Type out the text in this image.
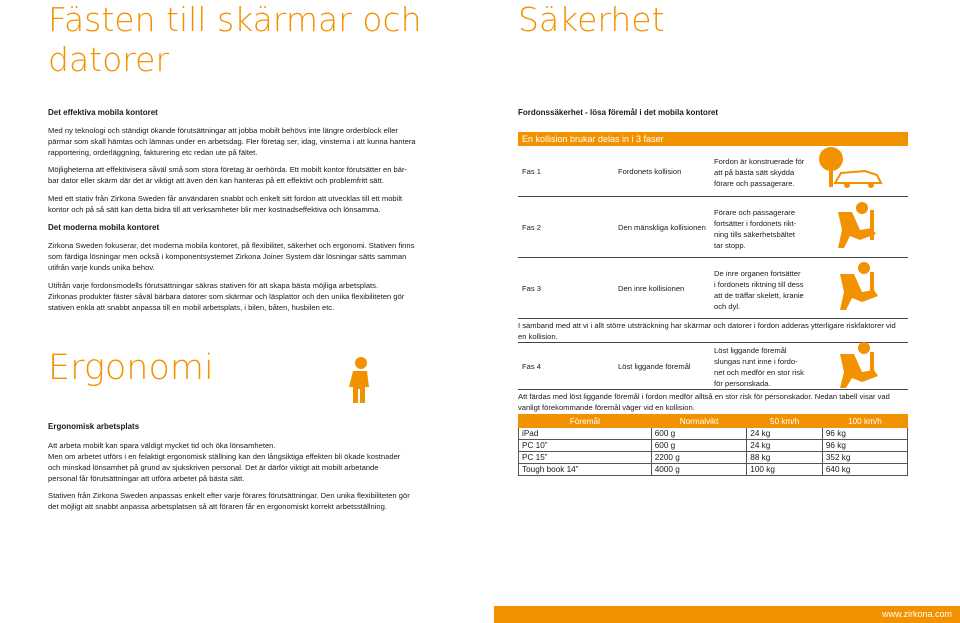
Fästen till skärmar och
datorer
Det effektiva mobila kontoret
Med ny teknologi och ständigt ökande förutsättningar att jobba mobilt behövs inte längre orderblock eller
pärmar som skall hämtas och lämnas under en arbetsdag. Fler företag ser, idag, vinsterna i att kunna hantera
rapportering, orderläggning, fakturering etc redan ute på fältet.
Möjligheterna att effektivisera såväl små som stora företag är oerhörda. Ett mobilt kontor förutsätter en bär-
bar dator eller skärm där det är viktigt att även den kan hanteras på ett effektivt och problemfritt sätt.
Med ett stativ från Zirkona Sweden får användaren snabbt och enkelt sitt fordon att utvecklas till ett mobilt
kontor och på så sätt kan detta bidra till att verksamheter blir mer kostnadseffektiva och lönsamma.
Det moderna mobila kontoret
Zirkona Sweden fokuserar, det moderna mobila kontoret, på flexibilitet, säkerhet och ergonomi. Stativen finns
som färdiga lösningar men också i komponentsystemet Zirkona Joiner System där lösningar sätts samman
utifrån varje kunds unika behov.
Utifrån varje fordonsmodells förutsättningar säkras stativen för att skapa bästa möjliga arbetsplats.
Zirkonas produkter fäster såväl bärbara datorer som skärmar och läsplattor och den unika flexibiliteten gör
stativen enkla att snabbt anpassa till en mobil arbetsplats, i bilen, båten, husbilen etc.
Ergonomi
Ergonomisk arbetsplats
Att arbeta mobilt kan spara väldigt mycket tid och öka lönsamheten.
Men om arbetet utförs i en felaktigt ergonomisk ställning kan den långsiktiga effekten bli ökade kostnader
och minskad lönsamhet på grund av sjukskriven personal. Det är därför viktigt att mobilt arbetande
personal får förutsättningar att utföra arbetet på bästa sätt.
Stativen från Zirkona Sweden anpassas enkelt efter varje förares förutsättningar. Den unika flexibiliteten gör
det möjligt att snabbt anpassa arbetsplatsen så att föraren får en ergonomiskt korrekt arbetsställning.
Säkerhet
Fordonssäkerhet - lösa föremål i det mobila kontoret
En kollision brukar delas in i 3 faser
Fas 1	Fordonets kollision
Fordon är konstruerade för
att på bästa sätt skydda
förare och passagerare.
Fas 2	Den mänskliga kollisionen
Förare och passagerare
fortsätter i fordonets rikt-
ning tills säkerhetsbältet
tar stopp.
Fas 3	Den inre kollisionen
De inre organen fortsätter
i fordonets riktning till dess
att de träffar skelett, kranie
och dyl.
I samband med att vi i allt större utsträckning har skärmar och datorer i fordon adderas ytterligare riskfaktorer vid
en kollision.
Fas 4	Löst liggande föremål
Löst liggande föremål
slungas runt inne i fordo-
net och medför en stor risk
för personskada.
Att färdas med löst liggande föremål i fordon medför alltså en stor risk för personskador. Nedan tabell visar vad
vanligt förekommande föremål väger vid en kollision.
Föremål	Normalvikt	50 km/h	100 km/h
iPad	600 g	24 kg	96 kg
PC 10”	600 g	24 kg	96 kg
PC 15”	2200 g	88 kg	352 kg
Tough book 14”	4000 g	100 kg	640 kg
www.zirkona.com
